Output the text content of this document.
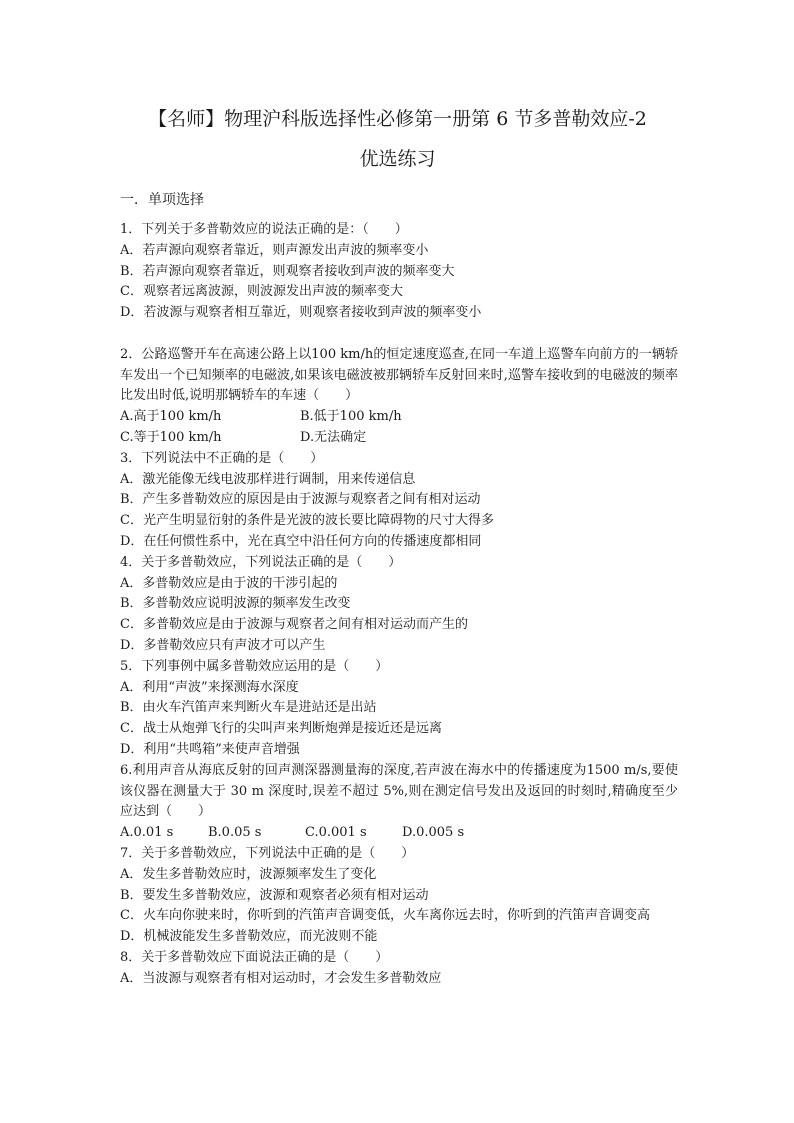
【名师】物理沪科版选择性必修第一册第 6 节多普勒效应-2
优选练习
一．单项选择
1．下列关于多普勒效应的说法正确的是：（　　）
A．若声源向观察者靠近，则声源发出声波的频率变小
B．若声源向观察者靠近，则观察者接收到声波的频率变大
C．观察者远离波源，则波源发出声波的频率变大
D．若波源与观察者相互靠近，则观察者接收到声波的频率变小
2．公路巡警开车在高速公路上以100 km/h的恒定速度巡查,在同一车道上巡警车向前方的一辆轿车发出一个已知频率的电磁波,如果该电磁波被那辆轿车反射回来时,巡警车接收到的电磁波的频率比发出时低,说明那辆轿车的车速（　　）
A.高于100 km/h	B.低于100 km/h
C.等于100 km/h	D.无法确定
3．下列说法中不正确的是（　　）
A．激光能像无线电波那样进行调制，用来传递信息
B．产生多普勒效应的原因是由于波源与观察者之间有相对运动
C．光产生明显衍射的条件是光波的波长要比障碍物的尺寸大得多
D．在任何惯性系中，光在真空中沿任何方向的传播速度都相同
4．关于多普勒效应，下列说法正确的是（　　）
A．多普勒效应是由于波的干涉引起的
B．多普勒效应说明波源的频率发生改变
C．多普勒效应是由于波源与观察者之间有相对运动而产生的
D．多普勒效应只有声波才可以产生
5．下列事例中属多普勒效应运用的是（　　）
A．利用“声波”来探测海水深度
B．由火车汽笛声来判断火车是进站还是出站
C．战士从炮弹飞行的尖叫声来判断炮弹是接近还是远离
D．利用“共鸣箱”来使声音增强
6.利用声音从海底反射的回声测深器测量海的深度,若声波在海水中的传播速度为1500 m/s,要使该仪器在测量大于 30 m 深度时,误差不超过 5%,则在测定信号发出及返回的时刻时,精确度至少应达到（　　）
A.0.01 s	B.0.05 s	C.0.001 s	D.0.005 s
7．关于多普勒效应，下列说法中正确的是（　　）
A．发生多普勒效应时，波源频率发生了变化
B．要发生多普勒效应，波源和观察者必须有相对运动
C．火车向你驶来时，你听到的汽笛声音调变低，火车离你远去时，你听到的汽笛声音调变高
D．机械波能发生多普勒效应，而光波则不能
8．关于多普勒效应下面说法正确的是（　　）
A．当波源与观察者有相对运动时，才会发生多普勒效应
